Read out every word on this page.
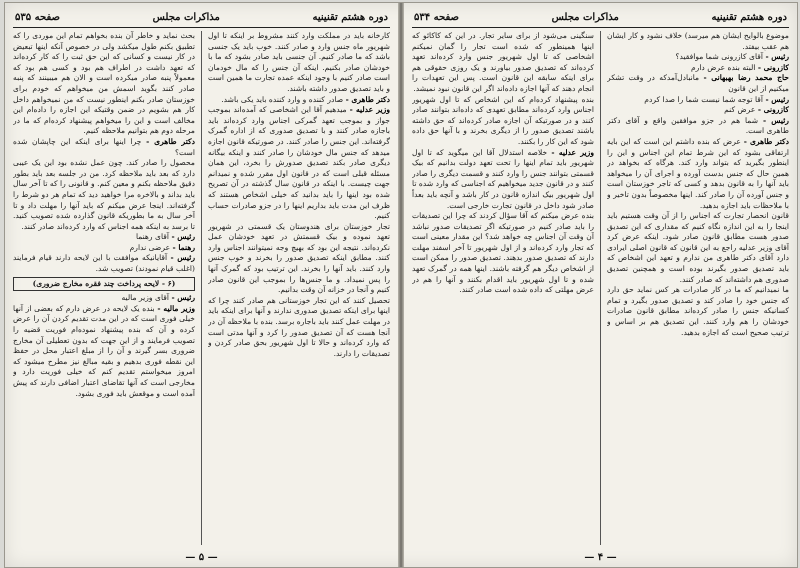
دوره هشتم تقنینیه
مذاکرات مجلس
صفحه ۵۳۵

کارخانه باید در مملکت وارد کنند مشروط بر اینکه تا اول شهریور ماه جنس وارد و صادر کنند. خوب باید یک جنسی باشد که ما صادر کنیم. آن جنسی باید صادر بشود که ما با خودشان صادر بکنیم. اینکه آن جنس را که مال خودمان است صادر کنیم با وجود اینکه عمده تجارت ما همین است و باید تصدیق صدور داشته باشند.

دکتر طاهری - صادر کننده و وارد کننده باید یکی باشد.

وزیر عدلیه - میدهیم آقا این اشخاصی که آمده‌اند بموجب جواز و بموجب تعهد گمرکی اجناس وارد کرده‌اند باید باجازه صادر کنند و با تصدیق صدوری که از اداره گمرک گرفته‌اند. این جنس را صادر کنند. در صورتیکه قانون اجازه میدهد که جنس مال خودشان را صادر کنند و اینکه بیگانه دیگری صادر بکند تصدیق صدورش را بخرد، این همان مسئله قبلی است که در قانون اول مقرر شده و نمیدانم جهت چیست. با اینکه در قانون سال گذشته در آن تصریح شده بود اینها را باید بدانید که خیلی اشخاص هستند که ظرف این مدت باید بداریم اینها را در جزو صادرات حساب کنیم.

تجار خوزستان برای هندوستان یک قسمتی در شهریور تعهد نموده و بیک قسمتش در تعهد خودشان عمل نکرده‌اند. نتیجه این بود که بهیچ وجه نمیتوانند اجناس وارد کنند. مطابق اینکه تصدیق صدور را بخرند و خوب جنس وارد کنند. باید آنها را بخرند. این ترتیب بود که گمرک آنها را پس نمیداد. و ما جنس‌ها را بموجب این قانون صادر کنیم و آنجا در خزانه آن وقت بدانیم.

تحصیل کنند که این تجار خوزستانی هم صادر کنند چرا که اینها برای اینکه تصدیق صدوری ندارند و آنها برای اینکه باید در مهلت عمل کنند باید باجاره برسد. بنده با ملاحظه آن در آنجا هست که آن تصدیق صدور را کرد و آنها مدتی است که وارد کرده‌اند و حالا تا اول شهریور بحق صادر کردن و تصدیقات را دارند.

بحث نماید و خاطر آن بنده بخواهم تمام این موردی را که تطبیق بکنم طول میکشد ولی در خصوص آنکه اینها تبعیض در کار نیست و کسانی که این حق ثبت را که کار کرده‌اند که تعهد داشت در اطراف هم بود و کسی هم بود که معمولاً پنبه صادر میکرده است و الان هم میبینند که پنبه صادر کنند بگوید اسمش من میخواهم که خودم برای خوزستان صادر بکنم اینطور نیست که من نمیخواهم داخل کار هم بشویم در ضمن وقتیکه این اجازه را داده‌ام این مخالف است و این را میخواهم پیشنهاد کرده‌ام که ما در مرحله دوم هم بتوانیم ملاحظه کنیم.

دکتر طاهری - چرا اینها برای اینکه این چاپشان شده است؟

محصول را صادر کند. چون عمل نشده بود این یک عیبی دارد که بعد باید ملاحظه کرد. من در جلسه بعد باید بطور دقیق ملاحظه بکنم و معین کنم. و قانونی را که تا آخر سال باید بداند و بالاخره مرا خواهید دید که تمام هر دو شرط را گرفته‌اند. اینجا عرض میکنم که باید آنها را مهلت داد و تا آخر سال به ما بطوریکه قانون گذارده شده تصویب کنید. تا برسد به اینکه همه اجناس که وارد کرده‌اند صادر کنند.

رئیس - آقای رهنما

رهنما - عرضی ندارم

رئیس - آقایانیکه موافقت با این لایحه دارند قیام فرمایند (اغلب قیام نمودند) تصویب شد.

(۶ - لایحه پرداخت چند فقره مخارج ضروری)

رئیس - آقای وزیر مالیه

وزیر مالیه - بنده یک لایحه در عرض دارم که بعضی از آنها خیلی فوری است که در این مدت تقدیم کردن آن را عرض کرده و آن که بنده پیشنهاد نموده‌ام فوریت قضیه را تصویب فرمایند و از این جهت که بدون تعطیلی آن مخارج ضروری بسر گیرند و آن را از مبلغ اعتبار محل در حفظ این نقطه فوری بدهیم و بقیه مبالغ نیز مطرح میشود که امروز میخواستم تقدیم کنم که خیلی فوریت دارد و مخارجی است که آنها تقاضای اعتبار اضافی دارند که پیش آمده است و موقعش باید فوری بشود.

— ۵ —
دوره هشتم تقنینیه
مذاکرات مجلس
صفحه ۵۳۴

موضوع بالوایح ایشان هم میرسد) خلاف نشود و کار ایشان هم عقب بیفتد.

رئیس - آقای کازرونی شما موافقید؟

کازرونی - البته بنده عرض دارم

حاج محمد رضا بهبهانی - مانبادل‌آمدکه در وقت تشکر میکنیم از این قانون

رئیس - آقا توجه شما نیست شما را صدا کردم

کازرونی - عرض کنم

رئیس - شما هم در جزو موافقین واقع و آقای دکتر طاهری است.

دکتر طاهری - عرض که بنده داشتم این است که این بایه ارتفاقی بشود که این شرط تمام این اجناس و این را اینطور بگیرید که بتواند وارد کند. هرگاه که بخواهد در همین حال که جنس بدست آورده و اجرای آن را میخواهد باید آنها را به قانون بدهد و کسی که تاجر خوزستان است و جنس آورده آن را صادر کند. اینها مخصوصاً بدون تاخیر و با ملاحظات باید اجازه بدهید.

قانون انحصار تجارت که اجناس را از آن وقت هستیم باید اینجا را به این اندازه نگاه کنیم که مقداری که این تصدیق صدور هست مطابق قانون صادر شود. اینکه عرض کرد آقای وزیر عدلیه راجع به این قانون که قانون اصلی ایرادی دارد آقای دکتر طاهری من ندارم و تعهد این اشخاص که باید تصدیق صدور بگیرند بوده است و همچنین تصدیق صدوری هم داشته‌اند که صادر کنند.

ما نمیدانیم که ما در کار صادرات هر کس نماید حق دارد که جنس خود را صادر کند و تصدیق صدور بگیرد و تمام کسانیکه جنس را صادر کرده‌اند مطابق قانون صادرات خودشان را هم وارد کنند. این تصدیق هم بر اساس و ترتیب صحیح است که اجازه بدهید.

سنگینی می‌شود از برای سایر تجار. در این که کاکائو که اینها همینطور که شده است تجار را گمان نمیکنم اشخاصی که تا اول شهریور جنس وارد کرده‌اند تعهد کرده‌اند که تصدیق صدور بیاورند و یک روزی حقوقی هم برای اینکه سابقه این قانون است. پس این تعهدات را انجام دهند که آنها اجازه داده‌اند اگر این قانون نبود نمیشد.

بنده پیشنهاد کرده‌ام که این اشخاص که تا اول شهریور اجناس وارد کرده‌اند مطابق تعهدی که داده‌اند بتوانند صادر کنند و در صورتیکه آن اجازه صادر کرده‌اند که حق داشته باشند تصدیق صدور را از دیگری بخرند و با آنها حق داده شود که این کار را بکنند.

وزیر عدلیه - خلاصه استدلال آقا این میگوید که تا اول شهریور باید تمام اینها را تحت تعهد دولت بدانیم که بیک قسمتی بتوانند جنس را وارد کنند و قسمت دیگری را صادر کنند و در قانون جدید میخواهیم که اجناسی که وارد شده تا اول شهریور بیک اندازه قانون در کار باشد و آنچه باید بعداً صادر شود داخل در قانون تجارت خارجی است.

بنده عرض میکنم که آقا سؤال کردند که چرا این تصدیقات را باید صادر کنیم در صورتیکه اگر تصدیقات صدور نباشد آن وقت آن اجناس چه خواهد شد؟ این مقدار معینی است که تجار وارد کرده‌اند و از اول شهریور تا آخر اسفند مهلت دارند که تصدیق صدور بدهند. تصدیق صدور را ممکن است از اشخاص دیگر هم گرفته باشند. اینها همه در گمرک تعهد شده و تا اول شهریور باید اقدام بکنند و آنها را هم در عرض مهلتی که داده شده است صادر کنند.

— ۴ —
